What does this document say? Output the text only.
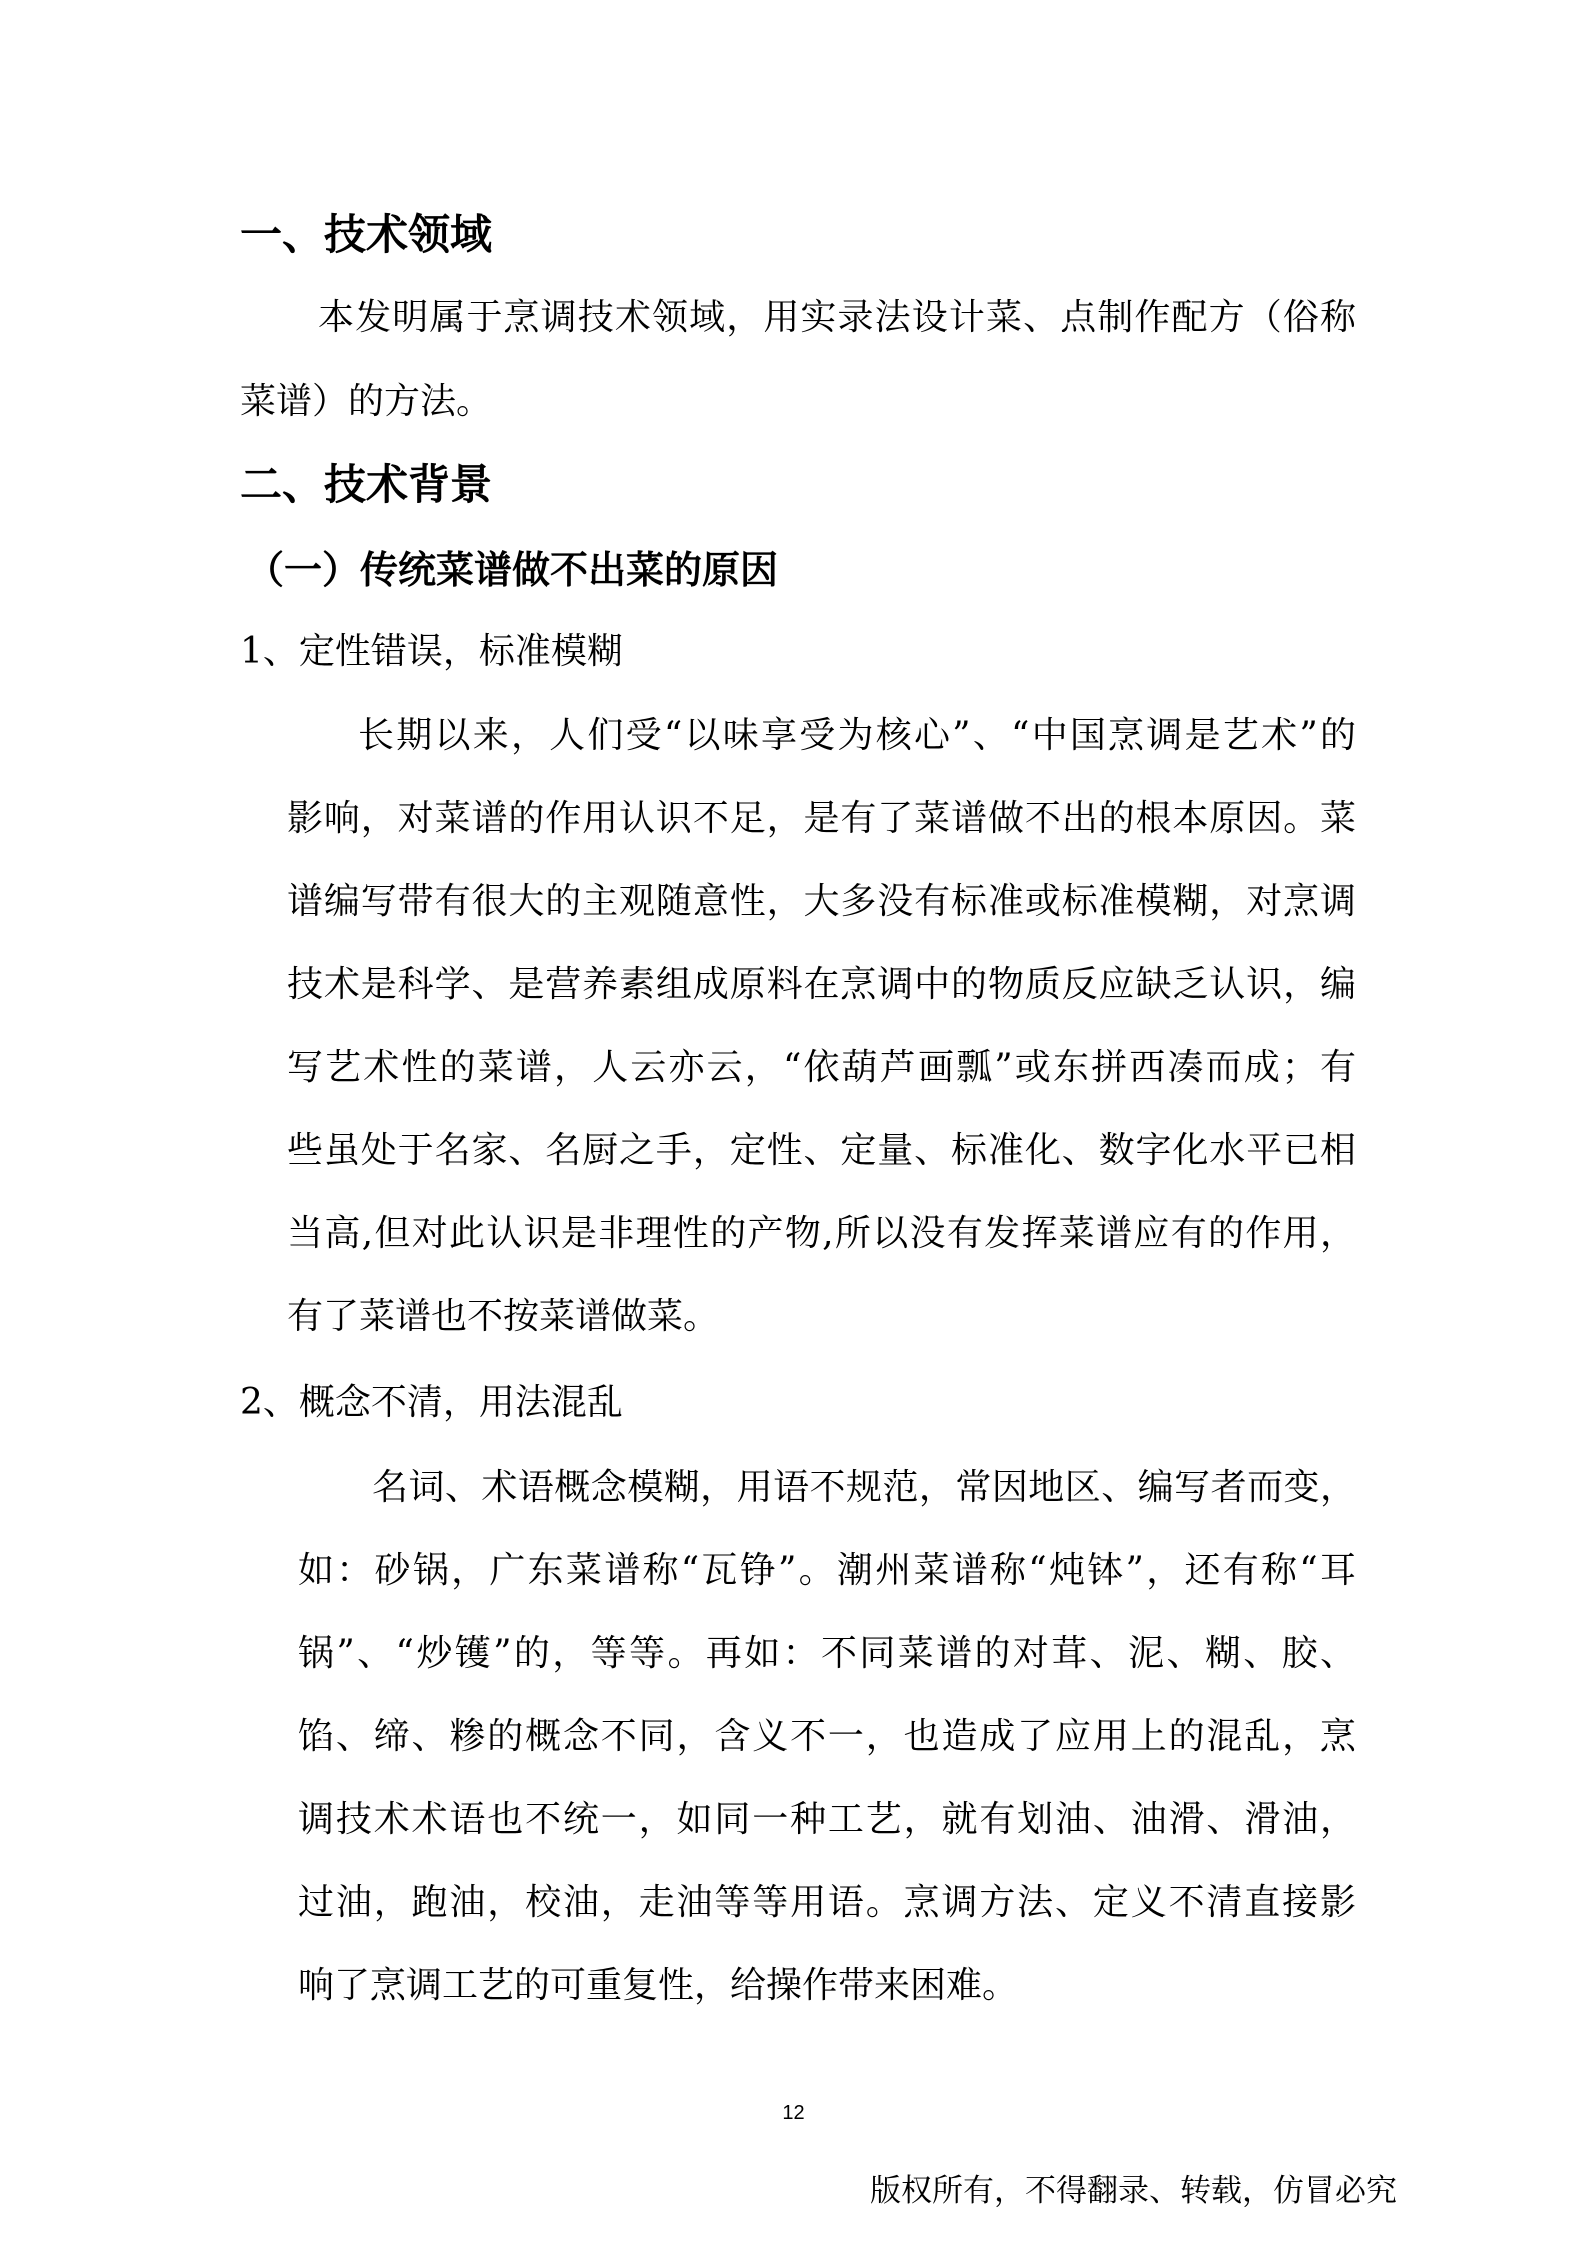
一、技术领域
本发明属于烹调技术领域，用实录法设计菜、点制作配方（俗称
菜谱）的方法。
二、技术背景
（一）传统菜谱做不出菜的原因
1、定性错误，标准模糊
长期以来，人们受“以味享受为核心”、“中国烹调是艺术”的
影响，对菜谱的作用认识不足，是有了菜谱做不出的根本原因。菜
谱编写带有很大的主观随意性，大多没有标准或标准模糊，对烹调
技术是科学、是营养素组成原料在烹调中的物质反应缺乏认识，编
写艺术性的菜谱，人云亦云，“依葫芦画瓢”或东拼西凑而成；有
些虽处于名家、名厨之手，定性、定量、标准化、数字化水平已相
当高,但对此认识是非理性的产物,所以没有发挥菜谱应有的作用，
有了菜谱也不按菜谱做菜。
2、概念不清，用法混乱
名词、术语概念模糊，用语不规范，常因地区、编写者而变，
如：砂锅，广东菜谱称“瓦铮”。潮州菜谱称“炖钵”，还有称“耳
锅”、“炒镬”的，等等。再如：不同菜谱的对茸、泥、糊、胶、
馅、缔、糁的概念不同，含义不一，也造成了应用上的混乱，烹
调技术术语也不统一，如同一种工艺，就有划油、油滑、滑油，
过油，跑油，校油，走油等等用语。烹调方法、定义不清直接影
响了烹调工艺的可重复性，给操作带来困难。
12
版权所有，不得翻录、转载，仿冒必究
